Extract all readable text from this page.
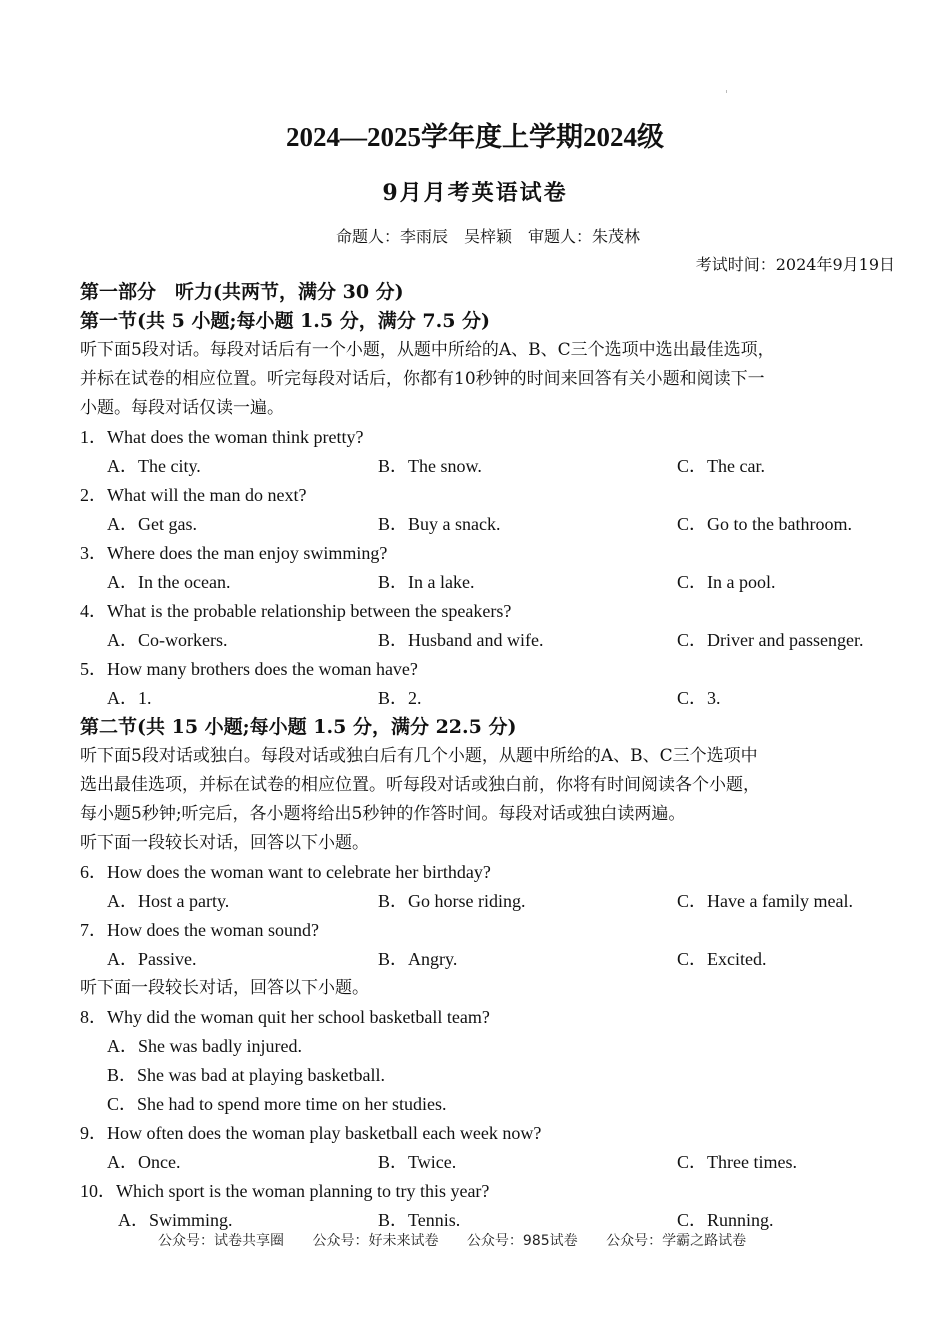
2024—2025学年度上学期2024级
9月月考英语试卷
命题人：李雨辰　吴梓颖　审题人：朱茂林
考试时间：2024年9月19日
第一部分　听力(共两节，满分 30 分)
第一节(共 5 小题;每小题 1.5 分，满分 7.5 分)
听下面5段对话。每段对话后有一个小题，从题中所给的A、B、C三个选项中选出最佳选项，
并标在试卷的相应位置。听完每段对话后，你都有10秒钟的时间来回答有关小题和阅读下一
小题。每段对话仅读一遍。
1．What does the woman think pretty?
A．The city.	B．The snow.	C．The car.
2．What will the man do next?
A．Get gas.	B．Buy a snack.	C．Go to the bathroom.
3．Where does the man enjoy swimming?
A．In the ocean.	B．In a lake.	C．In a pool.
4．What is the probable relationship between the speakers?
A．Co-workers.	B．Husband and wife.	C．Driver and passenger.
5．How many brothers does the woman have?
A．1.	B．2.	C．3.
第二节(共 15 小题;每小题 1.5 分，满分 22.5 分)
听下面5段对话或独白。每段对话或独白后有几个小题，从题中所给的A、B、C三个选项中
选出最佳选项，并标在试卷的相应位置。听每段对话或独白前，你将有时间阅读各个小题，
每小题5秒钟;听完后，各小题将给出5秒钟的作答时间。每段对话或独白读两遍。
听下面一段较长对话，回答以下小题。
6．How does the woman want to celebrate her birthday?
A．Host a party.	B．Go horse riding.	C．Have a family meal.
7．How does the woman sound?
A．Passive.	B．Angry.	C．Excited.
听下面一段较长对话，回答以下小题。
8．Why did the woman quit her school basketball team?
A．She was badly injured.
B．She was bad at playing basketball.
C．She had to spend more time on her studies.
9．How often does the woman play basketball each week now?
A．Once.	B．Twice.	C．Three times.
10．Which sport is the woman planning to try this year?
A．Swimming.	B．Tennis.	C．Running.
公众号：试卷共享圈 公众号：好未来试卷 公众号：985试卷 公众号：学霸之路试卷
